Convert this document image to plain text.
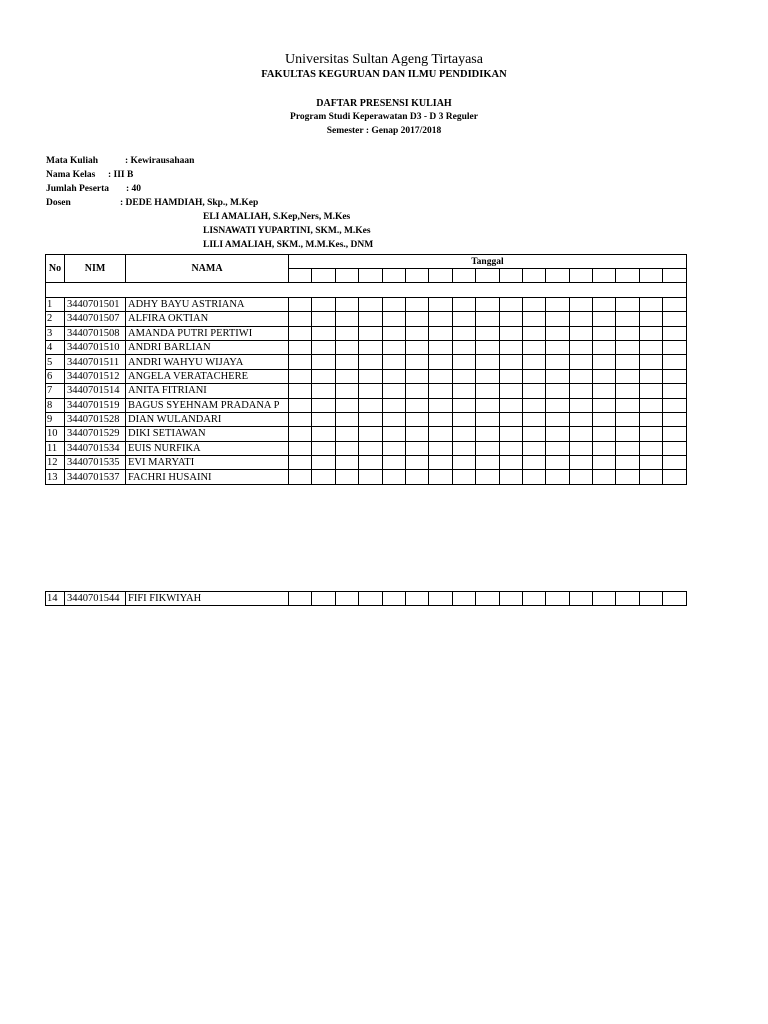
Universitas Sultan Ageng Tirtayasa
FAKULTAS KEGURUAN DAN ILMU PENDIDIKAN
DAFTAR PRESENSI KULIAH
Program Studi Keperawatan D3 - D 3 Reguler
Semester : Genap 2017/2018
Mata Kuliah	: Kewirausahaan
Nama Kelas : III B
Jumlah Peserta : 40
Dosen	: DEDE HAMDIAH, Skp., M.Kep
ELI AMALIAH, S.Kep,Ners, M.Kes
LISNAWATI YUPARTINI, SKM., M.Kes
LILI AMALIAH, SKM., M.M.Kes., DNM
No	NIM	NAMA	Tanggal																

1	3440701501	ADHY BAYU ASTRIANA																	
2	3440701507	ALFIRA OKTIAN																	
3	3440701508	AMANDA PUTRI PERTIWI																	
4	3440701510	ANDRI BARLIAN																	
5	3440701511	ANDRI WAHYU WIJAYA																	
6	3440701512	ANGELA VERATACHERE																	
7	3440701514	ANITA FITRIANI																	
8	3440701519	BAGUS SYEHNAM PRADANA P																	
9	3440701528	DIAN WULANDARI																	
10	3440701529	DIKI SETIAWAN																	
11	3440701534	EUIS NURFIKA																	
12	3440701535	EVI MARYATI																	
13	3440701537	FACHRI HUSAINI																	
14	3440701544	FIFI FIKWIYAH																	
